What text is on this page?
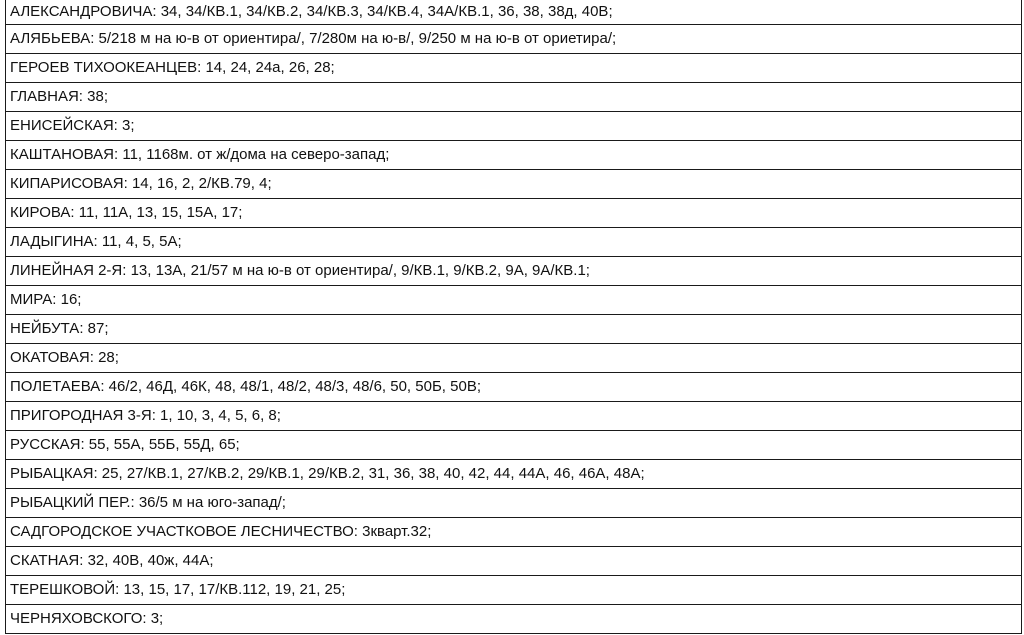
АЛЕКСАНДРОВИЧА: 34, 34/КВ.1, 34/КВ.2, 34/КВ.3, 34/КВ.4, 34А/КВ.1, 36, 38, 38д, 40В;
АЛЯБЬЕВА: 5/218 м на ю-в от ориентира/, 7/280м на ю-в/, 9/250 м на ю-в от ориетира/;
ГЕРОЕВ ТИХООКЕАНЦЕВ: 14, 24, 24а, 26, 28;
ГЛАВНАЯ: 38;
ЕНИСЕЙСКАЯ: 3;
КАШТАНОВАЯ: 11, 1168м. от ж/дома на северо-запад;
КИПАРИСОВАЯ: 14, 16, 2, 2/КВ.79, 4;
КИРОВА: 11, 11А, 13, 15, 15А, 17;
ЛАДЫГИНА: 11, 4, 5, 5А;
ЛИНЕЙНАЯ 2-Я: 13, 13А, 21/57 м на ю-в от ориентира/, 9/КВ.1, 9/КВ.2, 9А, 9А/КВ.1;
МИРА: 16;
НЕЙБУТА: 87;
ОКАТОВАЯ: 28;
ПОЛЕТАЕВА: 46/2, 46Д, 46К, 48, 48/1, 48/2, 48/3, 48/6, 50, 50Б, 50В;
ПРИГОРОДНАЯ 3-Я: 1, 10, 3, 4, 5, 6, 8;
РУССКАЯ: 55, 55А, 55Б, 55Д, 65;
РЫБАЦКАЯ: 25, 27/КВ.1, 27/КВ.2, 29/КВ.1, 29/КВ.2, 31, 36, 38, 40, 42, 44, 44А, 46, 46А, 48А;
РЫБАЦКИЙ ПЕР.: 36/5 м на юго-запад/;
САДГОРОДСКОЕ УЧАСТКОВОЕ ЛЕСНИЧЕСТВО: 3кварт.32;
СКАТНАЯ: 32, 40В, 40ж, 44А;
ТЕРЕШКОВОЙ: 13, 15, 17, 17/КВ.112, 19, 21, 25;
ЧЕРНЯХОВСКОГО: 3;
